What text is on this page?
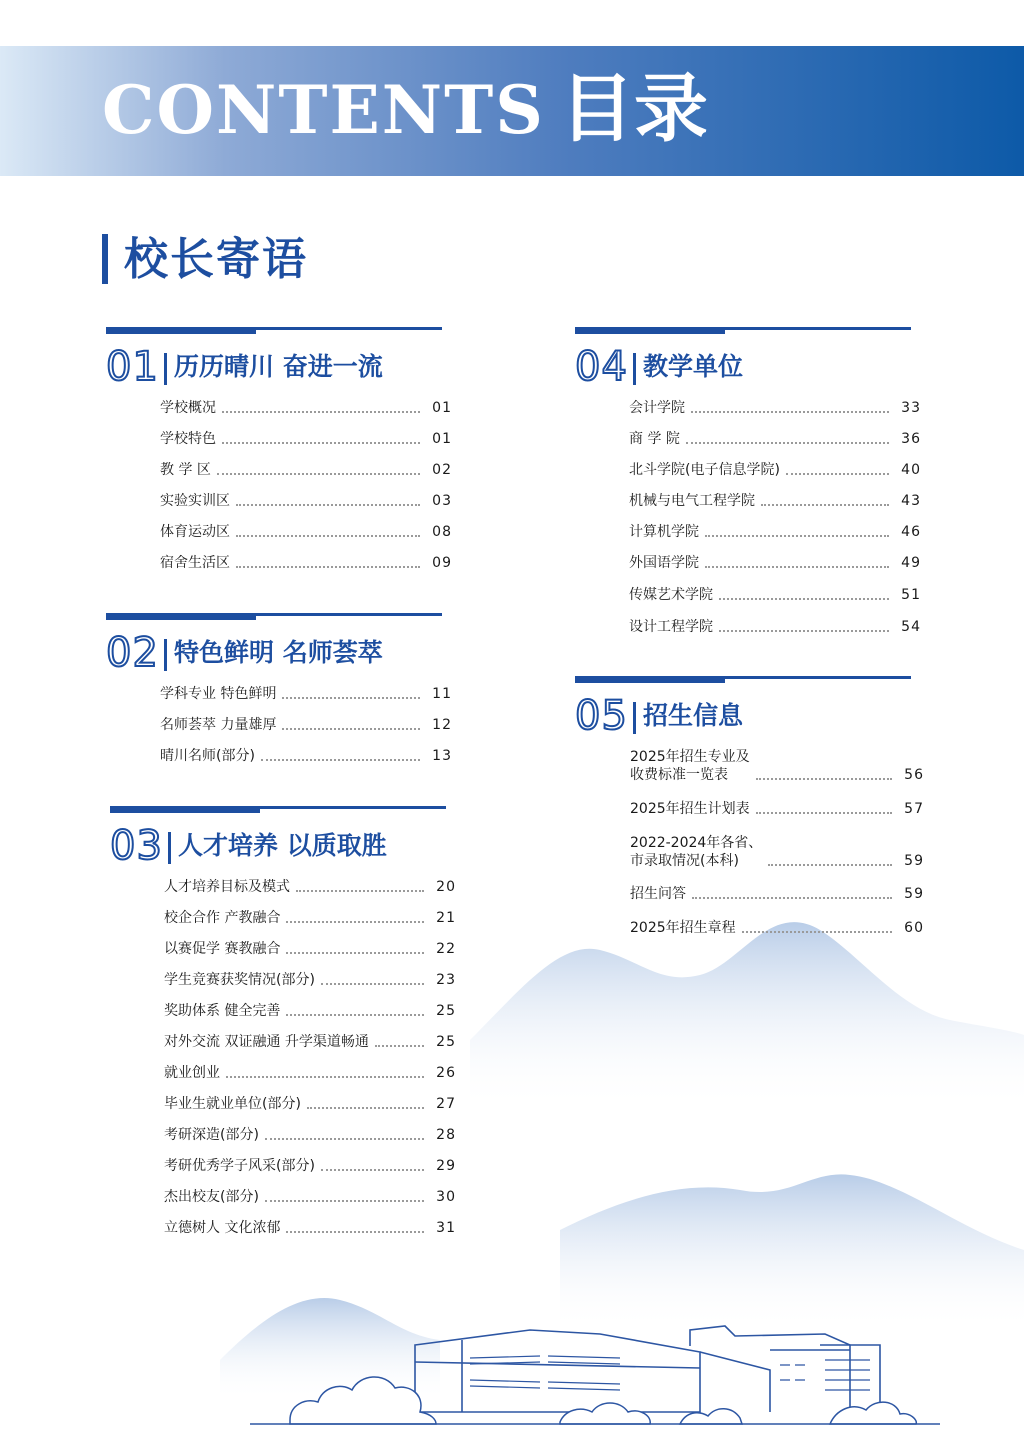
CONTENTS 目录
校长寄语
01 历历晴川 奋进一流
学校概况	01
学校特色	01
教 学 区	02
实验实训区	03
体育运动区	08
宿舍生活区	09
02 特色鲜明 名师荟萃
学科专业 特色鲜明	11
名师荟萃 力量雄厚	12
晴川名师(部分)	13
03 人才培养 以质取胜
人才培养目标及模式	20
校企合作 产教融合	21
以赛促学 赛教融合	22
学生竞赛获奖情况(部分)	23
奖助体系 健全完善	25
对外交流 双证融通 升学渠道畅通	25
就业创业	26
毕业生就业单位(部分)	27
考研深造(部分)	28
考研优秀学子风采(部分)	29
杰出校友(部分)	30
立德树人 文化浓郁	31
04 教学单位
会计学院	33
商 学 院	36
北斗学院(电子信息学院)	40
机械与电气工程学院	43
计算机学院	46
外国语学院	49
传媒艺术学院	51
设计工程学院	54
05 招生信息
2025年招生专业及
收费标准一览表	56
2025年招生计划表	57
2022-2024年各省、
市录取情况(本科)	59
招生问答	59
2025年招生章程	60
